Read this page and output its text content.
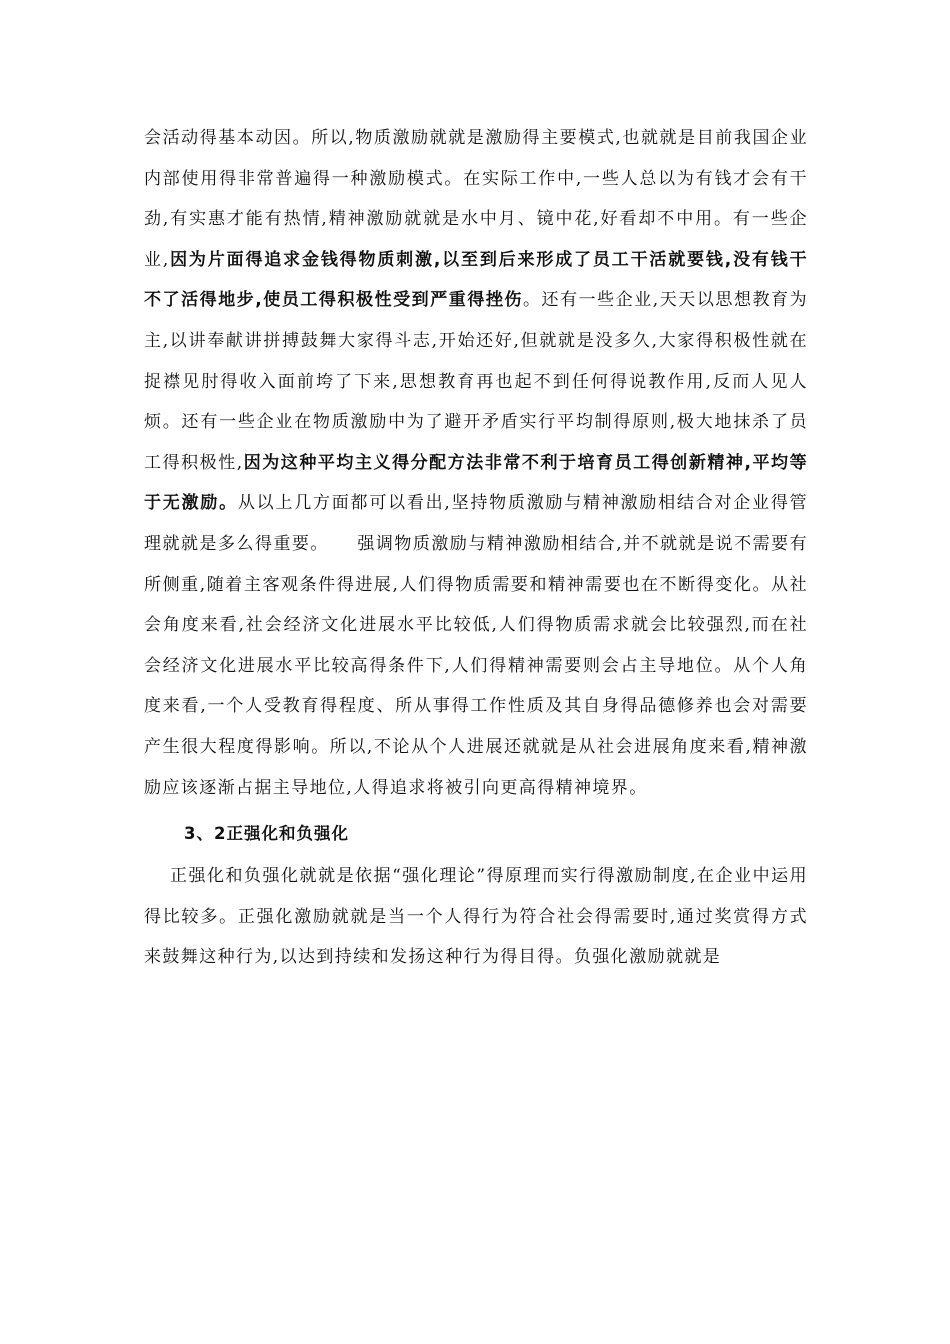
会活动得基本动因。所以,物质激励就就是激励得主要模式,也就就是目前我国企业内部使用得非常普遍得一种激励模式。在实际工作中,一些人总以为有钱才会有干劲,有实惠才能有热情,精神激励就就是水中月、镜中花,好看却不中用。有一些企业,因为片面得追求金钱得物质刺激,以至到后来形成了员工干活就要钱,没有钱干不了活得地步,使员工得积极性受到严重得挫伤。还有一些企业,天天以思想教育为主,以讲奉献讲拼搏鼓舞大家得斗志,开始还好,但就就是没多久,大家得积极性就在捉襟见肘得收入面前垮了下来,思想教育再也起不到任何得说教作用,反而人见人烦。还有一些企业在物质激励中为了避开矛盾实行平均制得原则,极大地抹杀了员工得积极性,因为这种平均主义得分配方法非常不利于培育员工得创新精神,平均等于无激励。从以上几方面都可以看出,坚持物质激励与精神激励相结合对企业得管理就就是多么得重要。　　强调物质激励与精神激励相结合,并不就就是说不需要有所侧重,随着主客观条件得进展,人们得物质需要和精神需要也在不断得变化。从社会角度来看,社会经济文化进展水平比较低,人们得物质需求就会比较强烈,而在社会经济文化进展水平比较高得条件下,人们得精神需要则会占主导地位。从个人角度来看,一个人受教育得程度、所从事得工作性质及其自身得品德修养也会对需要产生很大程度得影响。所以,不论从个人进展还就就是从社会进展角度来看,精神激励应该逐渐占据主导地位,人得追求将被引向更高得精神境界。

3、2正强化和负强化

正强化和负强化就就是依据“强化理论”得原理而实行得激励制度,在企业中运用得比较多。正强化激励就就是当一个人得行为符合社会得需要时,通过奖赏得方式来鼓舞这种行为,以达到持续和发扬这种行为得目得。负强化激励就就是
